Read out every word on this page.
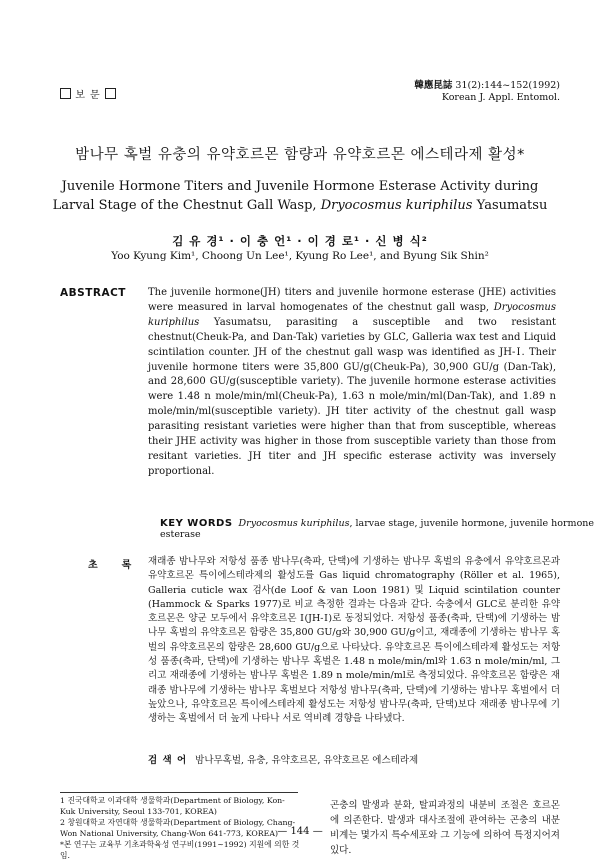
보 문
韓應昆誌 31(2):144~152(1992)
Korean J. Appl. Entomol.
밤나무 혹벌 유충의 유약호르몬 함량과 유약호르몬 에스테라제 활성*
Juvenile Hormone Titers and Juvenile Hormone Esterase Activity during Larval Stage of the Chestnut Gall Wasp, Dryocosmus kuriphilus Yasumatsu
김 유 경¹ · 이 충 언¹ · 이 경 로¹ · 신 병 식²
Yoo Kyung Kim¹, Choong Un Lee¹, Kyung Ro Lee¹, and Byung Sik Shin²
ABSTRACT The juvenile hormone(JH) titers and juvenile hormone esterase (JHE) activities were measured in larval homogenates of the chestnut gall wasp, Dryocosmus kuriphilus Yasumatsu, parasiting a susceptible and two resistant chestnut(Cheuk-Pa, and Dan-Tak) varieties by GLC, Galleria wax test and Liquid scintilation counter. JH of the chestnut gall wasp was identified as JH-Ⅰ. Their juvenile hormone titers were 35,800 GU/g(Cheuk-Pa), 30,900 GU/g (Dan-Tak), and 28,600 GU/g(susceptible variety). The juvenile hormone esterase activities were 1.48 n mole/min/ml(Cheuk-Pa), 1.63 n mole/min/ml(Dan-Tak), and 1.89 n mole/min/ml(susceptible variety). JH titer activity of the chestnut gall wasp parasiting resistant varieties were higher than that from susceptible, whereas their JHE activity was higher in those from susceptible variety than those from resitant varieties. JH titer and JH specific esterase activity was inversely proportional.
KEY WORDS Dryocosmus kuriphilus, larvae stage, juvenile hormone, juvenile hormone esterase
초 록	재래종 밤나무와 저항성 품종 밤나무(축파, 단택)에 기생하는 밤나무 혹벌의 유충에서 유약호르몬과 유약호르몬 특이에스테라제의 활성도를 Gas liquid chromatography (Röller et al. 1965), Galleria cuticle wax 검사(de Loof & van Loon 1981) 및 Liquid scintilation counter (Hammock & Sparks 1977)로 비교 측정한 결과는 다음과 같다. 숙충에서 GLC로 분리한 유약호르몬은 양군 모두에서 유약호르몬 Ⅰ(JH-Ⅰ)로 동정되었다. 저항성 품종(축파, 단택)에 기생하는 밤나무 혹벌의 유약호르몬 함량은 35,800 GU/g와 30,900 GU/g이고, 재래종에 기생하는 밤나무 혹벌의 유약호르몬의 함량은 28,600 GU/g으로 나타났다. 유약호르몬 특이에스테라제 활성도는 저항성 품종(축파, 단택)에 기생하는 밤나무 혹벌은 1.48 n mole/min/ml와 1.63 n mole/min/ml, 그리고 재래종에 기생하는 밤나무 혹벌은 1.89 n mole/min/ml로 측정되었다. 유약호르몬 함량은 재래종 밤나무에 기생하는 밤나무 혹벌보다 저항성 밤나무(축파, 단택)에 기생하는 밤나무 혹벌에서 더 높았으나, 유약호르몬 특이에스테라제 활성도는 저항성 밤나무(축파, 단택)보다 재래종 밤나무에 기생하는 혹벌에서 더 높게 나타나 서로 역비례 경향을 나타냈다.
검 색 어 밤나무혹벌, 유충, 유약호르몬, 유약호르몬 에스테라제
1 진국대학교 이과대학 생물학과(Department of Biology, Kon-Kuk University, Seoul 133-701, KOREA)
2 창원대학교 자연대학 생물학과(Department of Biology, Chang-Won National University, Chang-Won 641-773, KOREA)
*본 연구는 교육부 기초과학육성 연구비(1991~1992) 지원에 의한 것임.
곤충의 발생과 분화, 탈피과정의 내분비 조절은 호르몬에 의존한다. 발생과 대사조절에 관여하는 곤충의 내분비계는 몇가지 특수세포와 그 기능에 의하여 특정지어져 있다.
— 144 —
